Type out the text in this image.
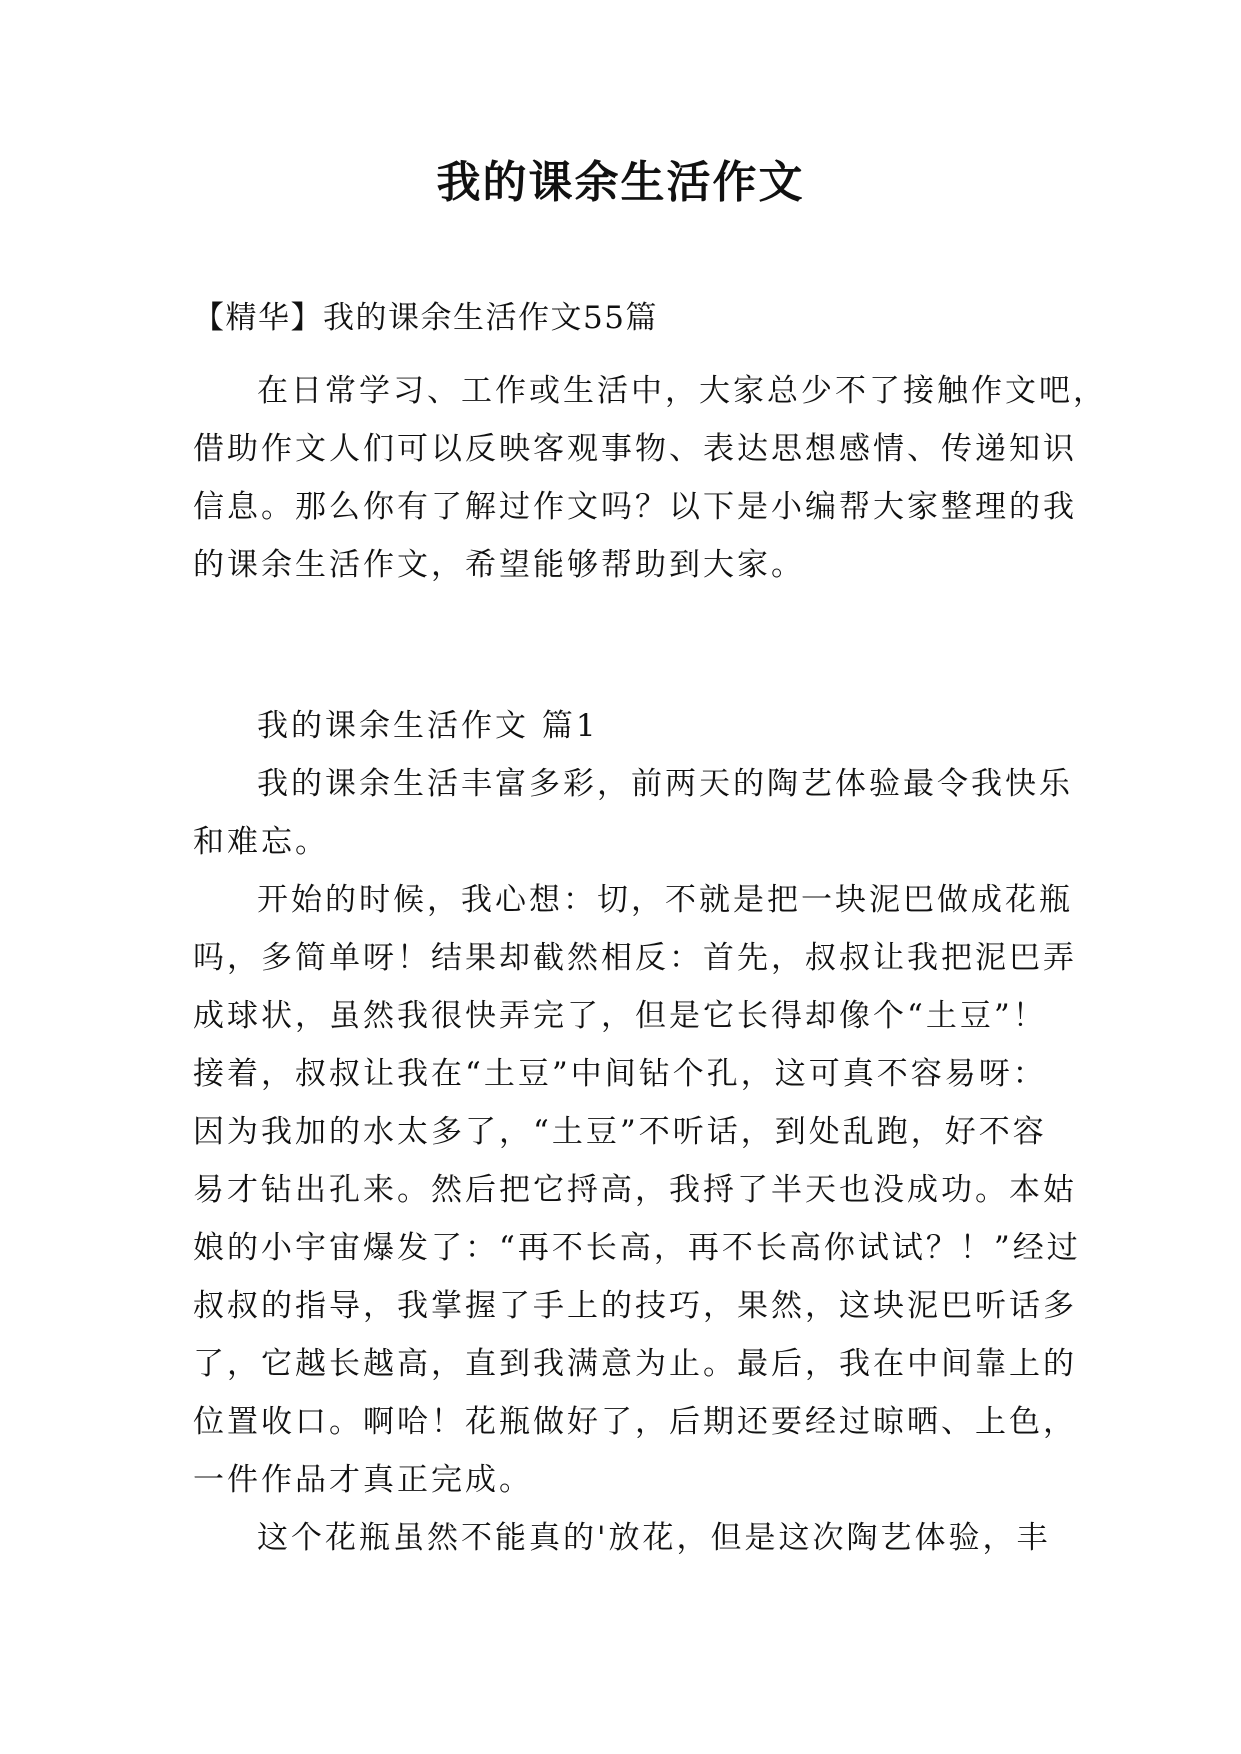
我的课余生活作文

【精华】我的课余生活作文55篇

在日常学习、工作或生活中，大家总少不了接触作文吧，
借助作文人们可以反映客观事物、表达思想感情、传递知识
信息。那么你有了解过作文吗？以下是小编帮大家整理的我
的课余生活作文，希望能够帮助到大家。

我的课余生活作文 篇1

我的课余生活丰富多彩，前两天的陶艺体验最令我快乐
和难忘。

开始的时候，我心想：切，不就是把一块泥巴做成花瓶
吗，多简单呀！结果却截然相反：首先，叔叔让我把泥巴弄
成球状，虽然我很快弄完了，但是它长得却像个“土豆”！
接着，叔叔让我在“土豆”中间钻个孔，这可真不容易呀：
因为我加的水太多了，“土豆”不听话，到处乱跑，好不容
易才钻出孔来。然后把它捋高，我捋了半天也没成功。本姑
娘的小宇宙爆发了：“再不长高，再不长高你试试？！”经过
叔叔的指导，我掌握了手上的技巧，果然，这块泥巴听话多
了，它越长越高，直到我满意为止。最后，我在中间靠上的
位置收口。啊哈！花瓶做好了，后期还要经过晾晒、上色，
一件作品才真正完成。

这个花瓶虽然不能真的'放花，但是这次陶艺体验，丰
